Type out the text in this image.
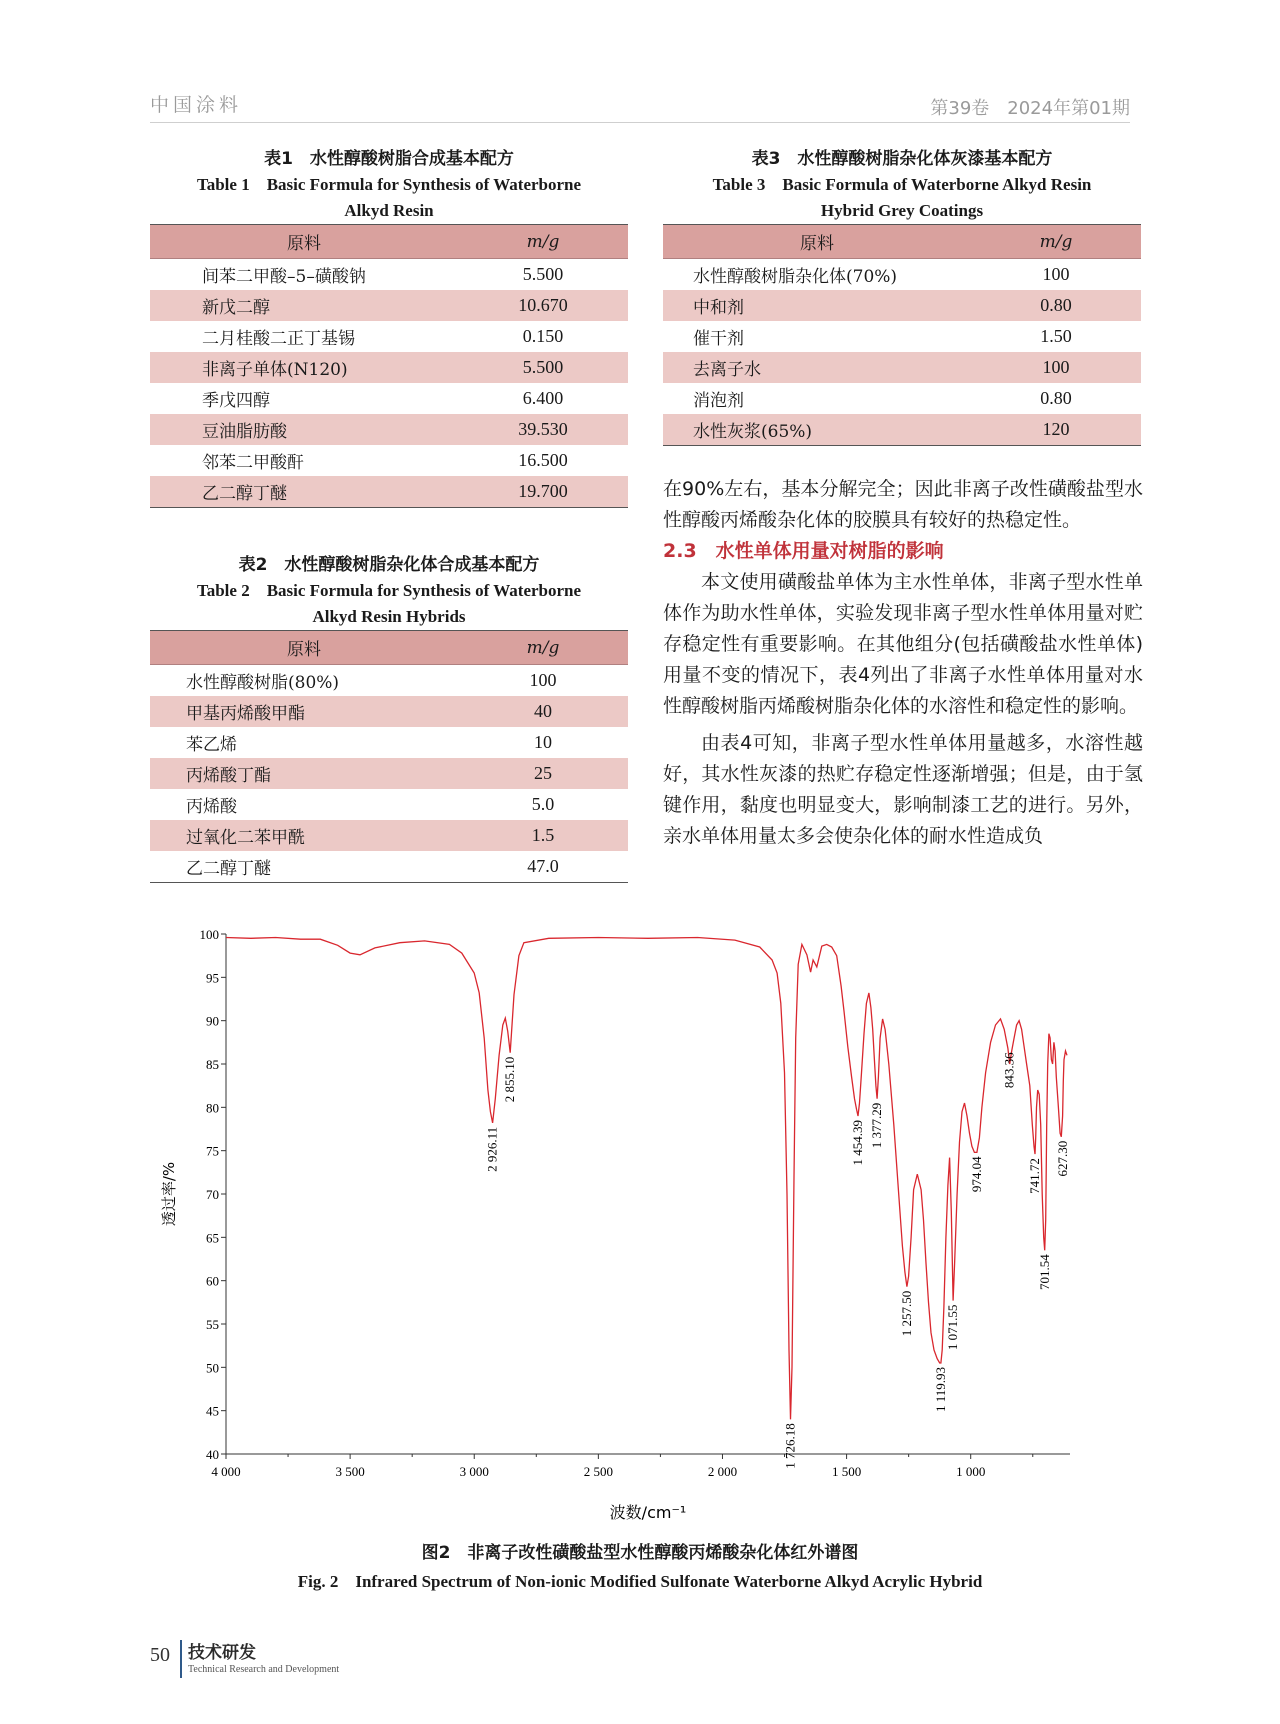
中国涂料	第39卷　2024年第01期
表1　水性醇酸树脂合成基本配方
Table 1　Basic Formula for Synthesis of Waterborne
Alkyd Resin
原料	m/g
间苯二甲酸–5–磺酸钠	5.500
新戊二醇	10.670
二月桂酸二正丁基锡	0.150
非离子单体(N120)	5.500
季戊四醇	6.400
豆油脂肪酸	39.530
邻苯二甲酸酐	16.500
乙二醇丁醚	19.700
表2　水性醇酸树脂杂化体合成基本配方
Table 2　Basic Formula for Synthesis of Waterborne
Alkyd Resin Hybrids
原料	m/g
水性醇酸树脂(80%)	100
甲基丙烯酸甲酯	40
苯乙烯	10
丙烯酸丁酯	25
丙烯酸	5.0
过氧化二苯甲酰	1.5
乙二醇丁醚	47.0
表3　水性醇酸树脂杂化体灰漆基本配方
Table 3　Basic Formula of Waterborne Alkyd Resin
Hybrid Grey Coatings
原料	m/g
水性醇酸树脂杂化体(70%)	100
中和剂	0.80
催干剂	1.50
去离子水	100
消泡剂	0.80
水性灰浆(65%)	120

在90%左右，基本分解完全；因此非离子改性磺酸盐型水性醇酸丙烯酸杂化体的胶膜具有较好的热稳定性。

2.3　水性单体用量对树脂的影响

本文使用磺酸盐单体为主水性单体，非离子型水性单体作为助水性单体，实验发现非离子型水性单体用量对贮存稳定性有重要影响。在其他组分(包括磺酸盐水性单体)用量不变的情况下，表4列出了非离子水性单体用量对水性醇酸树脂丙烯酸树脂杂化体的水溶性和稳定性的影响。

由表4可知，非离子型水性单体用量越多，水溶性越好，其水性灰漆的热贮存稳定性逐渐增强；但是，由于氢键作用，黏度也明显变大，影响制漆工艺的进行。另外，亲水单体用量太多会使杂化体的耐水性造成负

40
45
50
55
60
65
70
75
80
85
90
95
100
4 000	3 500	3 000	2 500	2 000	1 500	1 000
2 926.11
2 855.10
1 726.18
1 454.39 1 377.29
1 257.50
1 119.93
1 071.55
974.04
843.36
741.72
701.54
627.30
波数/cm⁻¹
透过率/%
图2　非离子改性磺酸盐型水性醇酸丙烯酸杂化体红外谱图
Fig. 2　Infrared Spectrum of Non-ionic Modified Sulfonate Waterborne Alkyd Acrylic Hybrid
50 技术研发
Technical Research and Development
